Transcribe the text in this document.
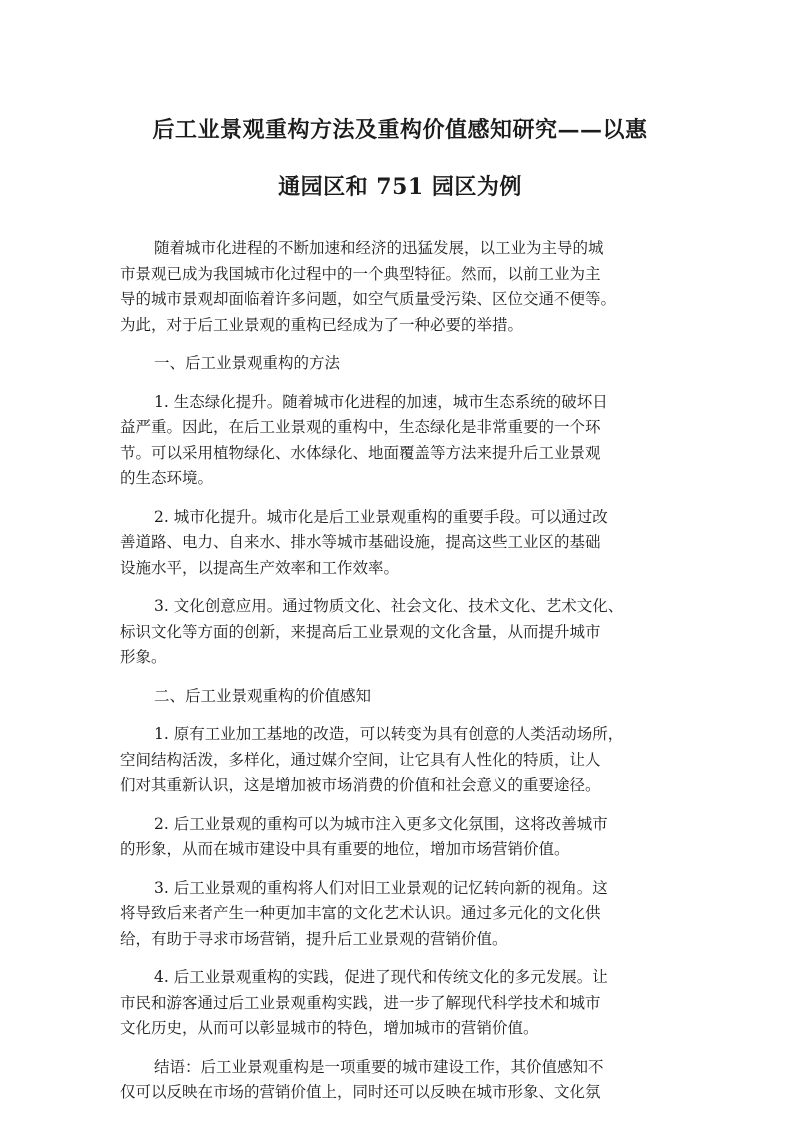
后工业景观重构方法及重构价值感知研究——以惠
通园区和 751 园区为例
随着城市化进程的不断加速和经济的迅猛发展，以工业为主导的城
市景观已成为我国城市化过程中的一个典型特征。然而，以前工业为主
导的城市景观却面临着许多问题，如空气质量受污染、区位交通不便等。
为此，对于后工业景观的重构已经成为了一种必要的举措。
一、后工业景观重构的方法
1. 生态绿化提升。随着城市化进程的加速，城市生态系统的破坏日
益严重。因此，在后工业景观的重构中，生态绿化是非常重要的一个环
节。可以采用植物绿化、水体绿化、地面覆盖等方法来提升后工业景观
的生态环境。
2. 城市化提升。城市化是后工业景观重构的重要手段。可以通过改
善道路、电力、自来水、排水等城市基础设施，提高这些工业区的基础
设施水平，以提高生产效率和工作效率。
3. 文化创意应用。通过物质文化、社会文化、技术文化、艺术文化、
标识文化等方面的创新，来提高后工业景观的文化含量，从而提升城市
形象。
二、后工业景观重构的价值感知
1. 原有工业加工基地的改造，可以转变为具有创意的人类活动场所，
空间结构活泼，多样化，通过媒介空间，让它具有人性化的特质，让人
们对其重新认识，这是增加被市场消费的价值和社会意义的重要途径。
2. 后工业景观的重构可以为城市注入更多文化氛围，这将改善城市
的形象，从而在城市建设中具有重要的地位，增加市场营销价值。
3. 后工业景观的重构将人们对旧工业景观的记忆转向新的视角。这
将导致后来者产生一种更加丰富的文化艺术认识。通过多元化的文化供
给，有助于寻求市场营销，提升后工业景观的营销价值。
4. 后工业景观重构的实践，促进了现代和传统文化的多元发展。让
市民和游客通过后工业景观重构实践，进一步了解现代科学技术和城市
文化历史，从而可以彰显城市的特色，增加城市的营销价值。
结语：后工业景观重构是一项重要的城市建设工作，其价值感知不
仅可以反映在市场的营销价值上，同时还可以反映在城市形象、文化氛
